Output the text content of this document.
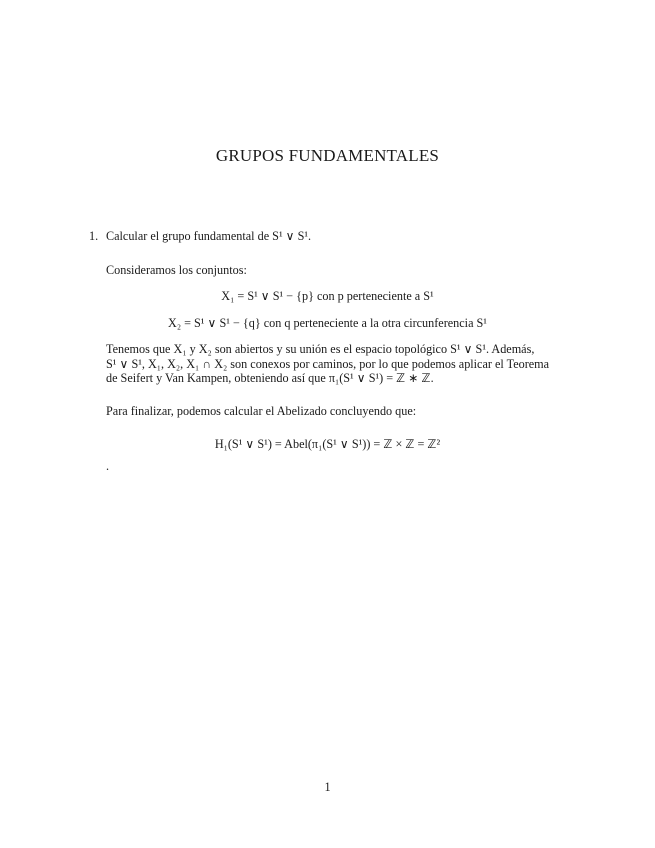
GRUPOS FUNDAMENTALES
1. Calcular el grupo fundamental de S¹ ∨ S¹.
Consideramos los conjuntos:
X₁ = S¹ ∨ S¹ − {p} con p perteneciente a S¹
X₂ = S¹ ∨ S¹ − {q} con q perteneciente a la otra circunferencia S¹
Tenemos que X₁ y X₂ son abiertos y su unión es el espacio topológico S¹ ∨ S¹. Además,
S¹ ∨ S¹, X₁, X₂, X₁ ∩ X₂ son conexos por caminos, por lo que podemos aplicar el Teorema
de Seifert y Van Kampen, obteniendo así que π₁(S¹ ∨ S¹) = ℤ ∗ ℤ.
Para finalizar, podemos calcular el Abelizado concluyendo que:
H₁(S¹ ∨ S¹) = Abel(π₁(S¹ ∨ S¹)) = ℤ × ℤ = ℤ²
.
1
